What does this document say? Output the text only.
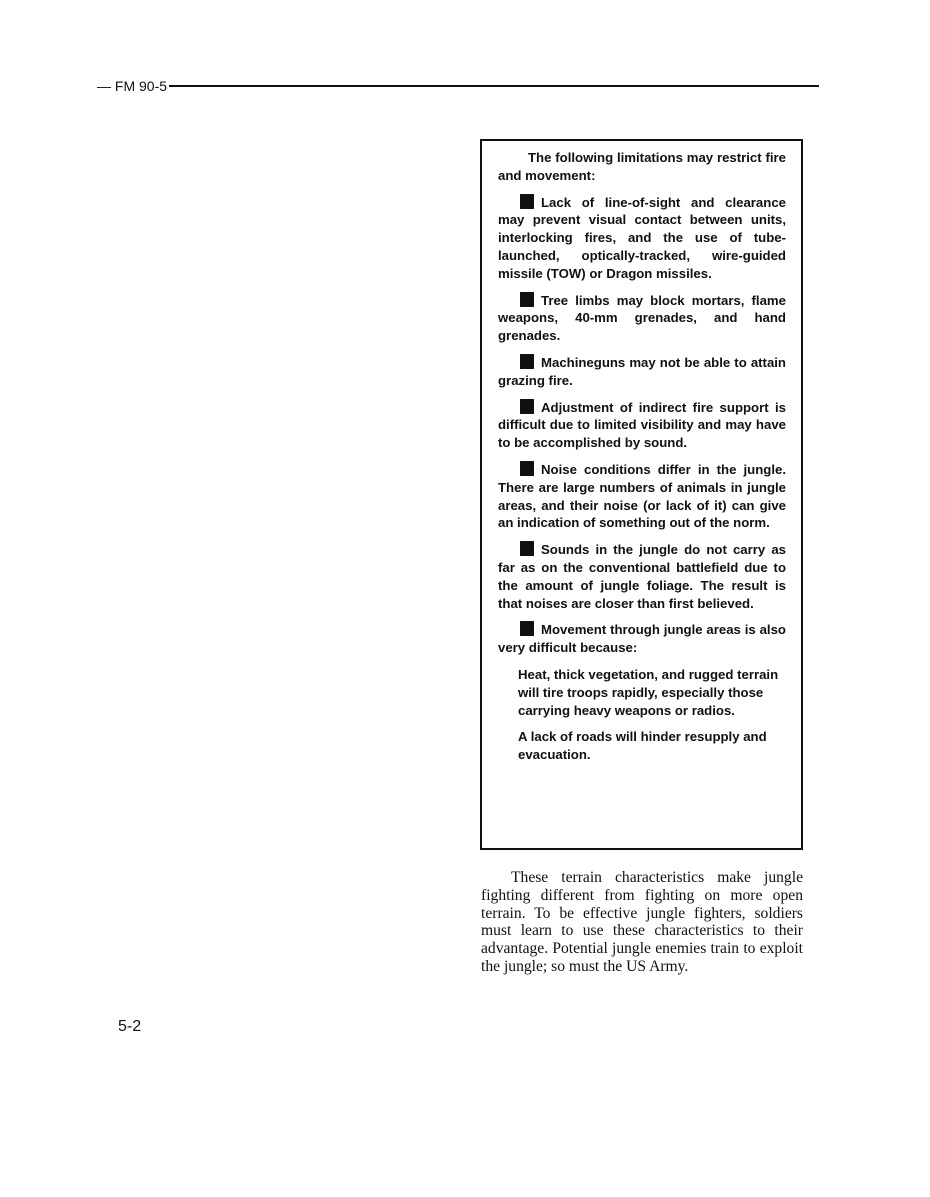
— FM 90-5

The following limitations may restrict fire and movement:

Lack of line-of-sight and clearance may prevent visual contact between units, interlocking fires, and the use of tube-launched, optically-tracked, wire-guided missile (TOW) or Dragon missiles.

Tree limbs may block mortars, flame weapons, 40-mm grenades, and hand grenades.

Machineguns may not be able to attain grazing fire.

Adjustment of indirect fire support is difficult due to limited visibility and may have to be accomplished by sound.

Noise conditions differ in the jungle. There are large numbers of animals in jungle areas, and their noise (or lack of it) can give an indication of something out of the norm.

Sounds in the jungle do not carry as far as on the conventional battlefield due to the amount of jungle foliage. The result is that noises are closer than first believed.

Movement through jungle areas is also very difficult because:

Heat, thick vegetation, and rugged terrain will tire troops rapidly, especially those carrying heavy weapons or radios.

A lack of roads will hinder resupply and evacuation.

These terrain characteristics make jungle fighting different from fighting on more open terrain. To be effective jungle fighters, soldiers must learn to use these characteristics to their advantage. Potential jungle enemies train to exploit the jungle; so must the US Army.

5-2
